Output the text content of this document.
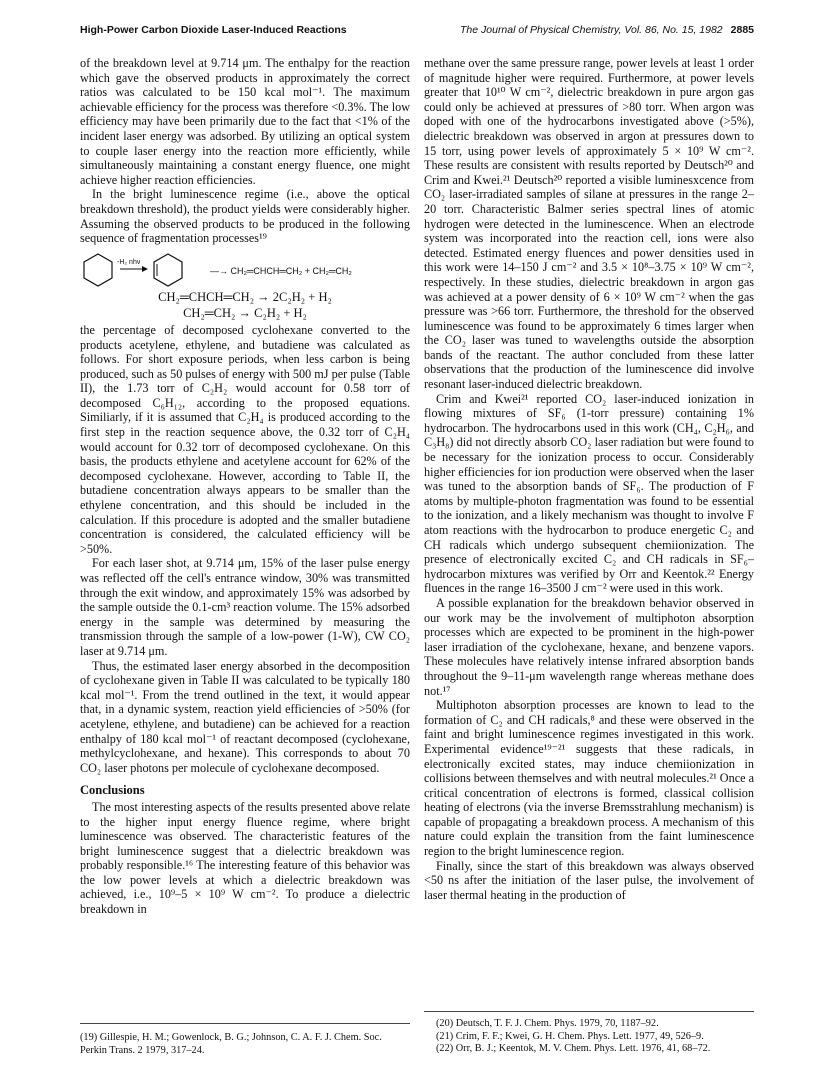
High-Power Carbon Dioxide Laser-Induced Reactions	The Journal of Physical Chemistry, Vol. 86, No. 15, 1982 2885

of the breakdown level at 9.714 μm. The enthalpy for the reaction which gave the observed products in approximately the correct ratios was calculated to be 150 kcal mol⁻¹. The maximum achievable efficiency for the process was therefore <0.3%. The low efficiency may have been primarily due to the fact that <1% of the incident laser energy was adsorbed. By utilizing an optical system to couple laser energy into the reaction more efficiently, while simultaneously maintaining a constant energy fluence, one might achieve higher reaction efficiencies.

In the bright luminescence regime (i.e., above the optical breakdown threshold), the product yields were considerably higher. Assuming the observed products to be produced in the following sequence of fragmentation processes¹⁹

-H₂ nhν
—→ CH₂═CHCH═CH₂ + CH₂═CH₂
CH₂═CHCH═CH₂ → 2C₂H₂ + H₂
CH₂═CH₂ → C₂H₂ + H₂

the percentage of decomposed cyclohexane converted to the products acetylene, ethylene, and butadiene was calculated as follows. For short exposure periods, when less carbon is being produced, such as 50 pulses of energy with 500 mJ per pulse (Table II), the 1.73 torr of C₂H₂ would account for 0.58 torr of decomposed C₆H₁₂, according to the proposed equations. Similiarly, if it is assumed that C₂H₄ is produced according to the first step in the reaction sequence above, the 0.32 torr of C₂H₄ would account for 0.32 torr of decomposed cyclohexane. On this basis, the products ethylene and acetylene account for 62% of the decomposed cyclohexane. However, according to Table II, the butadiene concentration always appears to be smaller than the ethylene concentration, and this should be included in the calculation. If this procedure is adopted and the smaller butadiene concentration is considered, the calculated efficiency will be >50%.

For each laser shot, at 9.714 μm, 15% of the laser pulse energy was reflected off the cell's entrance window, 30% was transmitted through the exit window, and approximately 15% was adsorbed by the sample outside the 0.1-cm³ reaction volume. The 15% adsorbed energy in the sample was determined by measuring the transmission through the sample of a low-power (1-W), CW CO₂ laser at 9.714 μm.

Thus, the estimated laser energy absorbed in the decomposition of cyclohexane given in Table II was calculated to be typically 180 kcal mol⁻¹. From the trend outlined in the text, it would appear that, in a dynamic system, reaction yield efficiencies of >50% (for acetylene, ethylene, and butadiene) can be achieved for a reaction enthalpy of 180 kcal mol⁻¹ of reactant decomposed (cyclohexane, methylcyclohexane, and hexane). This corresponds to about 70 CO₂ laser photons per molecule of cyclohexane decomposed.

Conclusions

The most interesting aspects of the results presented above relate to the higher input energy fluence regime, where bright luminescence was observed. The characteristic features of the bright luminescence suggest that a dielectric breakdown was probably responsible.¹⁶ The interesting feature of this behavior was the low power levels at which a dielectric breakdown was achieved, i.e., 10⁹–5 × 10⁹ W cm⁻². To produce a dielectric breakdown in

methane over the same pressure range, power levels at least 1 order of magnitude higher were required. Furthermore, at power levels greater that 10¹⁰ W cm⁻², dielectric breakdown in pure argon gas could only be achieved at pressures of >80 torr. When argon was doped with one of the hydrocarbons investigated above (>5%), dielectric breakdown was observed in argon at pressures down to 15 torr, using power levels of approximately 5 × 10⁹ W cm⁻². These results are consistent with results reported by Deutsch²⁰ and Crim and Kwei.²¹ Deutsch²⁰ reported a visible luminesxcence from CO₂ laser-irradiated samples of silane at pressures in the range 2–20 torr. Characteristic Balmer series spectral lines of atomic hydrogen were detected in the luminescence. When an electrode system was incorporated into the reaction cell, ions were also detected. Estimated energy fluences and power densities used in this work were 14–150 J cm⁻² and 3.5 × 10⁸–3.75 × 10⁹ W cm⁻², respectively. In these studies, dielectric breakdown in argon gas was achieved at a power density of 6 × 10⁹ W cm⁻² when the gas pressure was >66 torr. Furthermore, the threshold for the observed luminescence was found to be approximately 6 times larger when the CO₂ laser was tuned to wavelengths outside the absorption bands of the reactant. The author concluded from these latter observations that the production of the luminescence did involve resonant laser-induced dielectric breakdown.

Crim and Kwei²¹ reported CO₂ laser-induced ionization in flowing mixtures of SF₆ (1-torr pressure) containing 1% hydrocarbon. The hydrocarbons used in this work (CH₄, C₂H₆, and C₃H₈) did not directly absorb CO₂ laser radiation but were found to be necessary for the ionization process to occur. Considerably higher efficiencies for ion production were observed when the laser was tuned to the absorption bands of SF₆. The production of F atoms by multiple-photon fragmentation was found to be essential to the ionization, and a likely mechanism was thought to involve F atom reactions with the hydrocarbon to produce energetic C₂ and CH radicals which undergo subsequent chemiionization. The presence of electronically excited C₂ and CH radicals in SF₆–hydrocarbon mixtures was verified by Orr and Keentok.²² Energy fluences in the range 16–3500 J cm⁻² were used in this work.

A possible explanation for the breakdown behavior observed in our work may be the involvement of multiphoton absorption processes which are expected to be prominent in the high-power laser irradiation of the cyclohexane, hexane, and benzene vapors. These molecules have relatively intense infrared absorption bands throughout the 9–11-μm wavelength range whereas methane does not.¹⁷

Multiphoton absorption processes are known to lead to the formation of C₂ and CH radicals,⁸ and these were observed in the faint and bright luminescence regimes investigated in this work. Experimental evidence¹⁹⁻²¹ suggests that these radicals, in electronically excited states, may induce chemiionization in collisions between themselves and with neutral molecules.²¹ Once a critical concentration of electrons is formed, classical collision heating of electrons (via the inverse Bremsstrahlung mechanism) is capable of propagating a breakdown process. A mechanism of this nature could explain the transition from the faint luminescence region to the bright luminescence region.

Finally, since the start of this breakdown was always observed <50 ns after the initiation of the laser pulse, the involvement of laser thermal heating in the production of

(19) Gillespie, H. M.; Gowenlock, B. G.; Johnson, C. A. F. J. Chem. Soc. Perkin Trans. 2 1979, 317–24.
(20) Deutsch, T. F. J. Chem. Phys. 1979, 70, 1187–92.
(21) Crim, F. F.; Kwei, G. H. Chem. Phys. Lett. 1977, 49, 526–9.
(22) Orr, B. J.; Keentok, M. V. Chem. Phys. Lett. 1976, 41, 68–72.
